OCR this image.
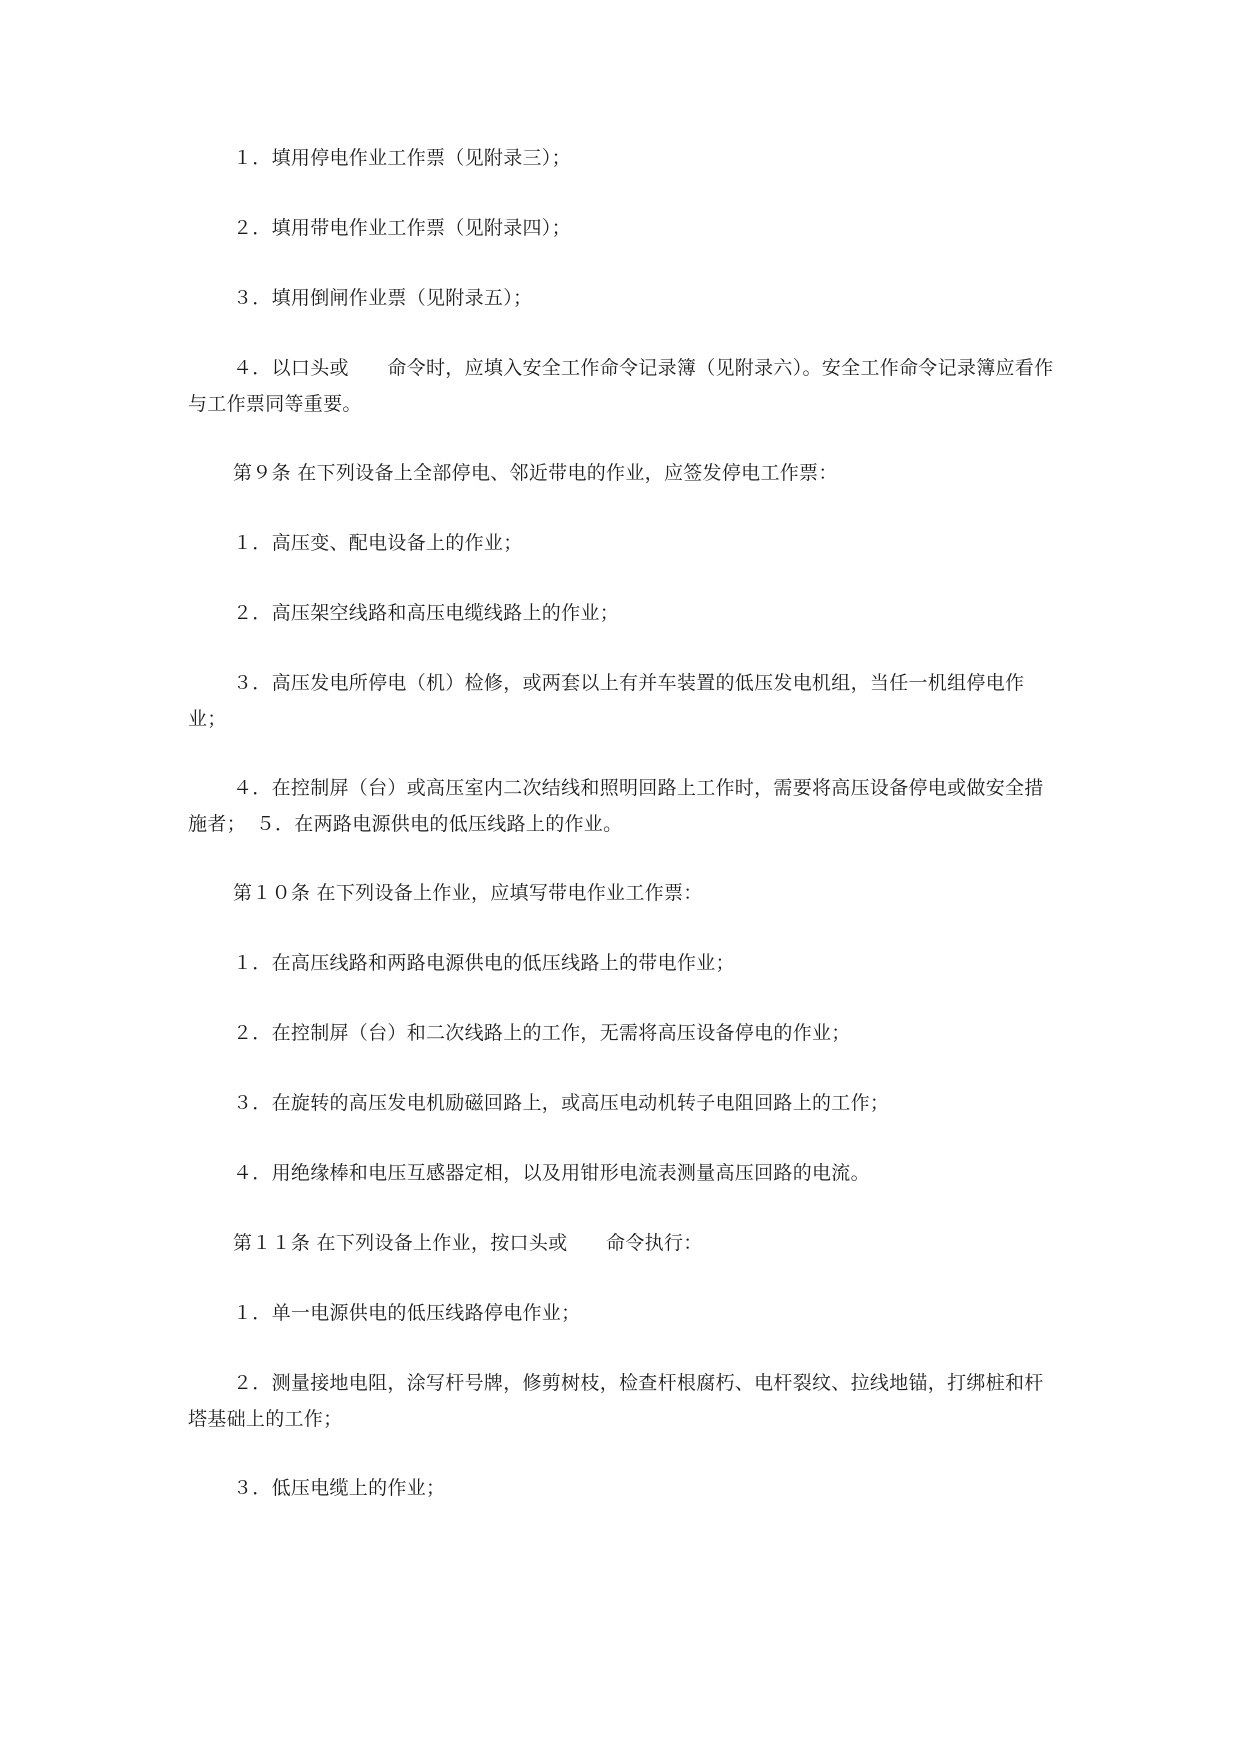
１．填用停电作业工作票（见附录三）；

２．填用带电作业工作票（见附录四）；

３．填用倒闸作业票（见附录五）；

４．以口头或　　命令时，应填入安全工作命令记录簿（见附录六）。安全工作命令记录簿应看作与工作票同等重要。

第９条 在下列设备上全部停电、邻近带电的作业，应签发停电工作票：

１．高压变、配电设备上的作业；

２．高压架空线路和高压电缆线路上的作业；

３．高压发电所停电（机）检修，或两套以上有并车装置的低压发电机组，当任一机组停电作业；

４．在控制屏（台）或高压室内二次结线和照明回路上工作时，需要将高压设备停电或做安全措施者；　５．在两路电源供电的低压线路上的作业。

第１０条 在下列设备上作业，应填写带电作业工作票：

１．在高压线路和两路电源供电的低压线路上的带电作业；

２．在控制屏（台）和二次线路上的工作，无需将高压设备停电的作业；

３．在旋转的高压发电机励磁回路上，或高压电动机转子电阻回路上的工作；

４．用绝缘棒和电压互感器定相，以及用钳形电流表测量高压回路的电流。

第１１条 在下列设备上作业，按口头或　　命令执行：

１．单一电源供电的低压线路停电作业；

２．测量接地电阻，涂写杆号牌，修剪树枝，检查杆根腐朽、电杆裂纹、拉线地锚，打绑桩和杆塔基础上的工作；

３．低压电缆上的作业；
